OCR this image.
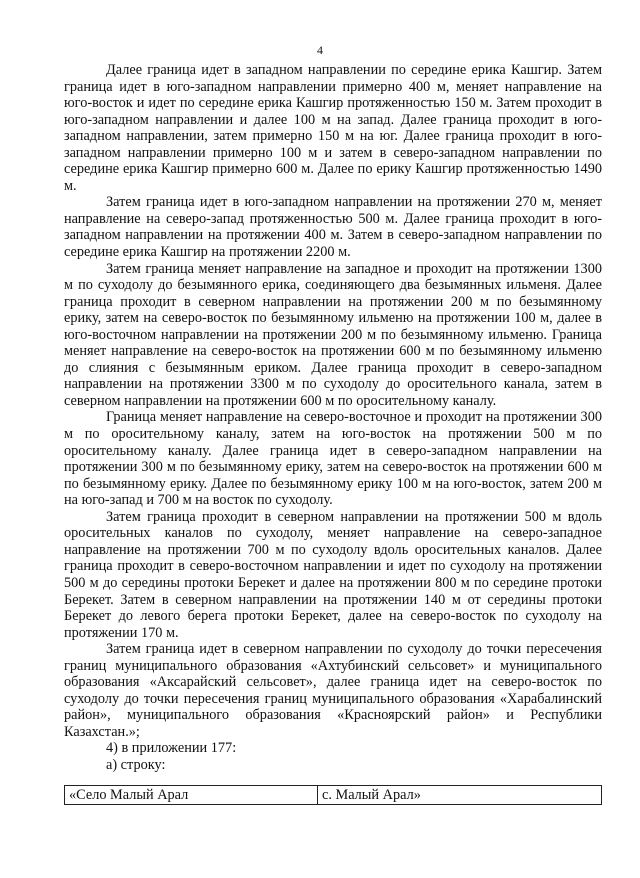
4

Далее граница идет в западном направлении по середине ерика Кашгир. Затем граница идет в юго-западном направлении примерно 400 м, меняет направление на юго-восток и идет по середине ерика Кашгир протяженностью 150 м. Затем проходит в юго-западном направлении и далее 100 м на запад. Далее граница проходит в юго-западном направлении, затем примерно 150 м на юг. Далее граница проходит в юго-западном направлении примерно 100 м и затем в северо-западном направлении по середине ерика Кашгир примерно 600 м. Далее по ерику Кашгир протяженностью 1490 м.

Затем граница идет в юго-западном направлении на протяжении 270 м, меняет направление на северо-запад протяженностью 500 м. Далее граница проходит в юго-западном направлении на протяжении 400 м. Затем в северо-западном направлении по середине ерика Кашгир на протяжении 2200 м.

Затем граница меняет направление на западное и проходит на протяжении 1300 м по суходолу до безымянного ерика, соединяющего два безымянных ильменя. Далее граница проходит в северном направлении на протяжении 200 м по безымянному ерику, затем на северо-восток по безымянному ильменю на протяжении 100 м, далее в юго-восточном направлении на протяжении 200 м по безымянному ильменю. Граница меняет направление на северо-восток на протяжении 600 м по безымянному ильменю до слияния с безымянным ериком. Далее граница проходит в северо-западном направлении на протяжении 3300 м по суходолу до оросительного канала, затем в северном направлении на протяжении 600 м по оросительному каналу.

Граница меняет направление на северо-восточное и проходит на протяжении 300 м по оросительному каналу, затем на юго-восток на протяжении 500 м по оросительному каналу. Далее граница идет в северо-западном направлении на протяжении 300 м по безымянному ерику, затем на северо-восток на протяжении 600 м по безымянному ерику. Далее по безымянному ерику 100 м на юго-восток, затем 200 м на юго-запад и 700 м на восток по суходолу.

Затем граница проходит в северном направлении на протяжении 500 м вдоль оросительных каналов по суходолу, меняет направление на северо-западное направление на протяжении 700 м по суходолу вдоль оросительных каналов. Далее граница проходит в северо-восточном направлении и идет по суходолу на протяжении 500 м до середины протоки Берекет и далее на протяжении 800 м по середине протоки Берекет. Затем в северном направлении на протяжении 140 м от середины протоки Берекет до левого берега протоки Берекет, далее на северо-восток по суходолу на протяжении 170 м.

Затем граница идет в северном направлении по суходолу до точки пересечения границ муниципального образования «Ахтубинский сельсовет» и муниципального образования «Аксарайский сельсовет», далее граница идет на северо-восток по суходолу до точки пересечения границ муниципального образования «Харабалинский район», муниципального образования «Красноярский район» и Республики Казахстан.»;

4) в приложении 177:

а) строку:

«Село Малый Арал	с. Малый Арал»
